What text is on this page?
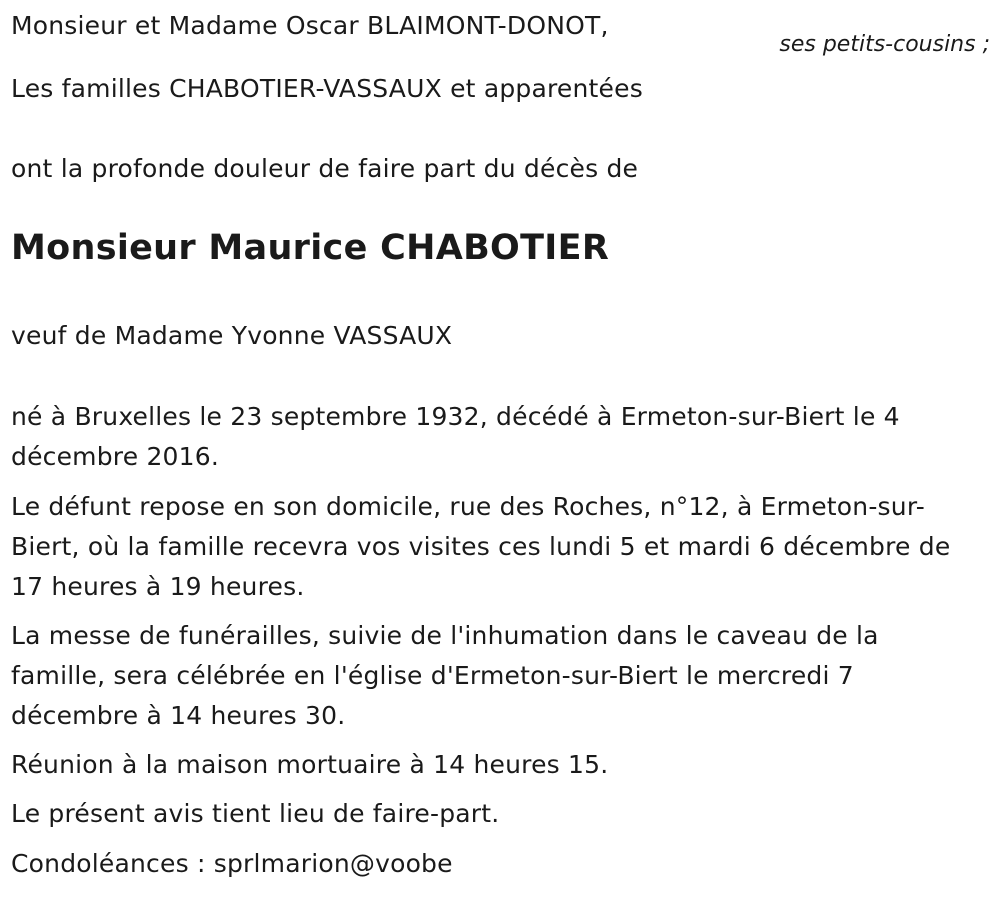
Monsieur et Madame Oscar BLAIMONT-DONOT,
ses petits-cousins ;
Les familles CHABOTIER-VASSAUX et apparentées
ont la profonde douleur de faire part du décès de
Monsieur Maurice CHABOTIER
veuf de Madame Yvonne VASSAUX
né à Bruxelles le 23 septembre 1932, décédé à Ermeton-sur-Biert le 4 décembre 2016.
Le défunt repose en son domicile, rue des Roches, n°12, à Ermeton-sur-Biert, où la famille recevra vos visites ces lundi 5 et mardi 6 décembre de 17 heures à 19 heures.
La messe de funérailles, suivie de l'inhumation dans le caveau de la famille, sera célébrée en l'église d'Ermeton-sur-Biert le mercredi 7 décembre à 14 heures 30.
Réunion à la maison mortuaire à 14 heures 15.
Le présent avis tient lieu de faire-part.
Condoléances : sprlmarion@voobe
